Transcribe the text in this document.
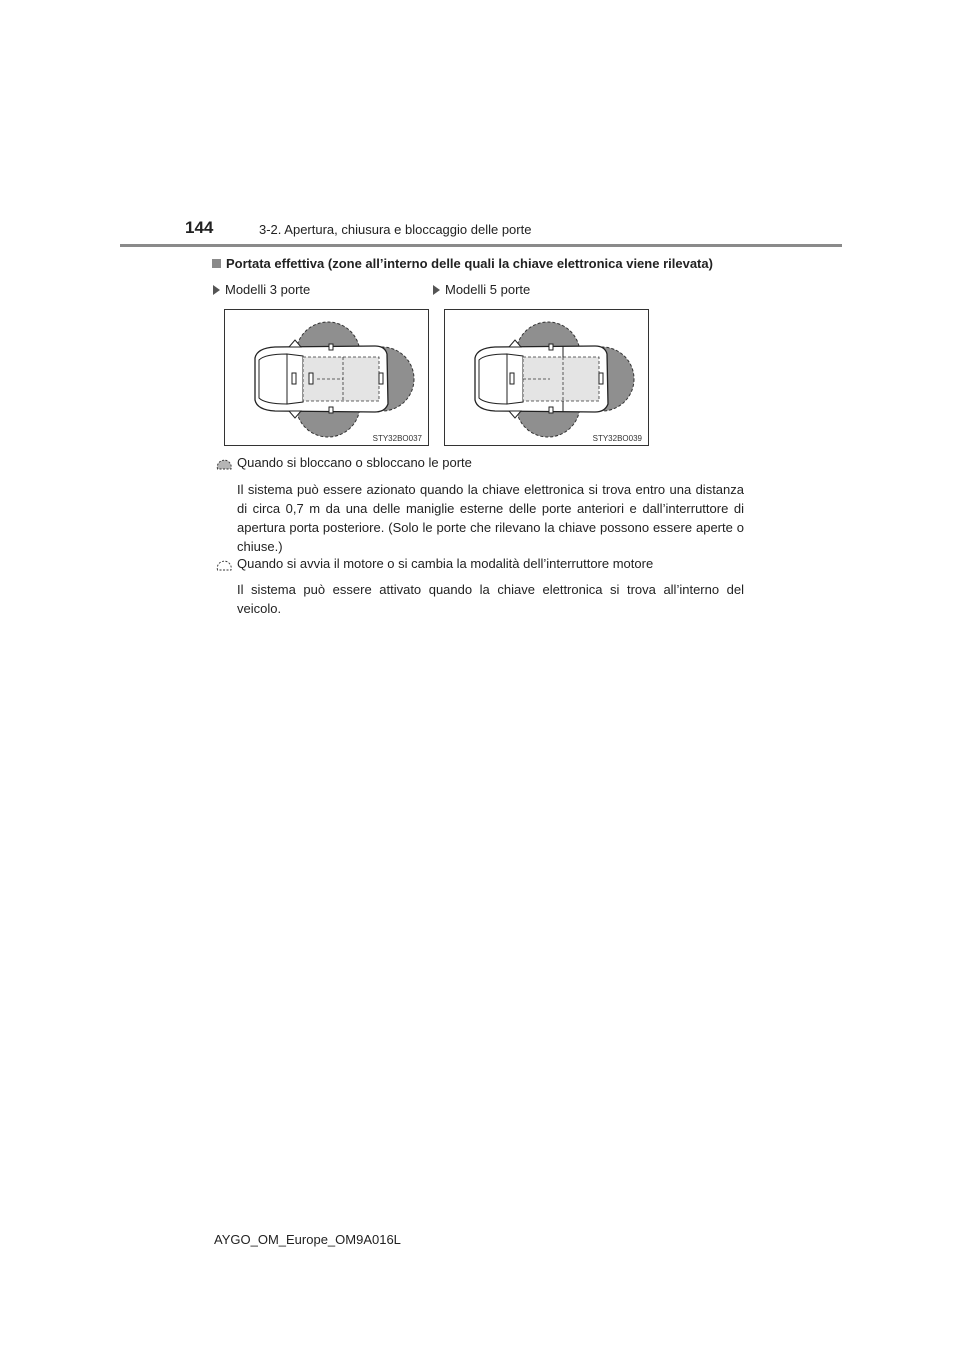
144	3-2. Apertura, chiusura e bloccaggio delle porte
Portata effettiva (zone all’interno delle quali la chiave elettronica viene rilevata)
Modelli 3 porte	Modelli 5 porte
STY32BO037	STY32BO039
Quando si bloccano o sbloccano le porte
Il sistema può essere azionato quando la chiave elettronica si trova entro una distanza di circa 0,7 m da una delle maniglie esterne delle porte anteriori e dall’interruttore di apertura porta posteriore. (Solo le porte che rilevano la chiave possono essere aperte o chiuse.)
Quando si avvia il motore o si cambia la modalità dell’interruttore motore
Il sistema può essere attivato quando la chiave elettronica si trova all’interno del veicolo.
AYGO_OM_Europe_OM9A016L
